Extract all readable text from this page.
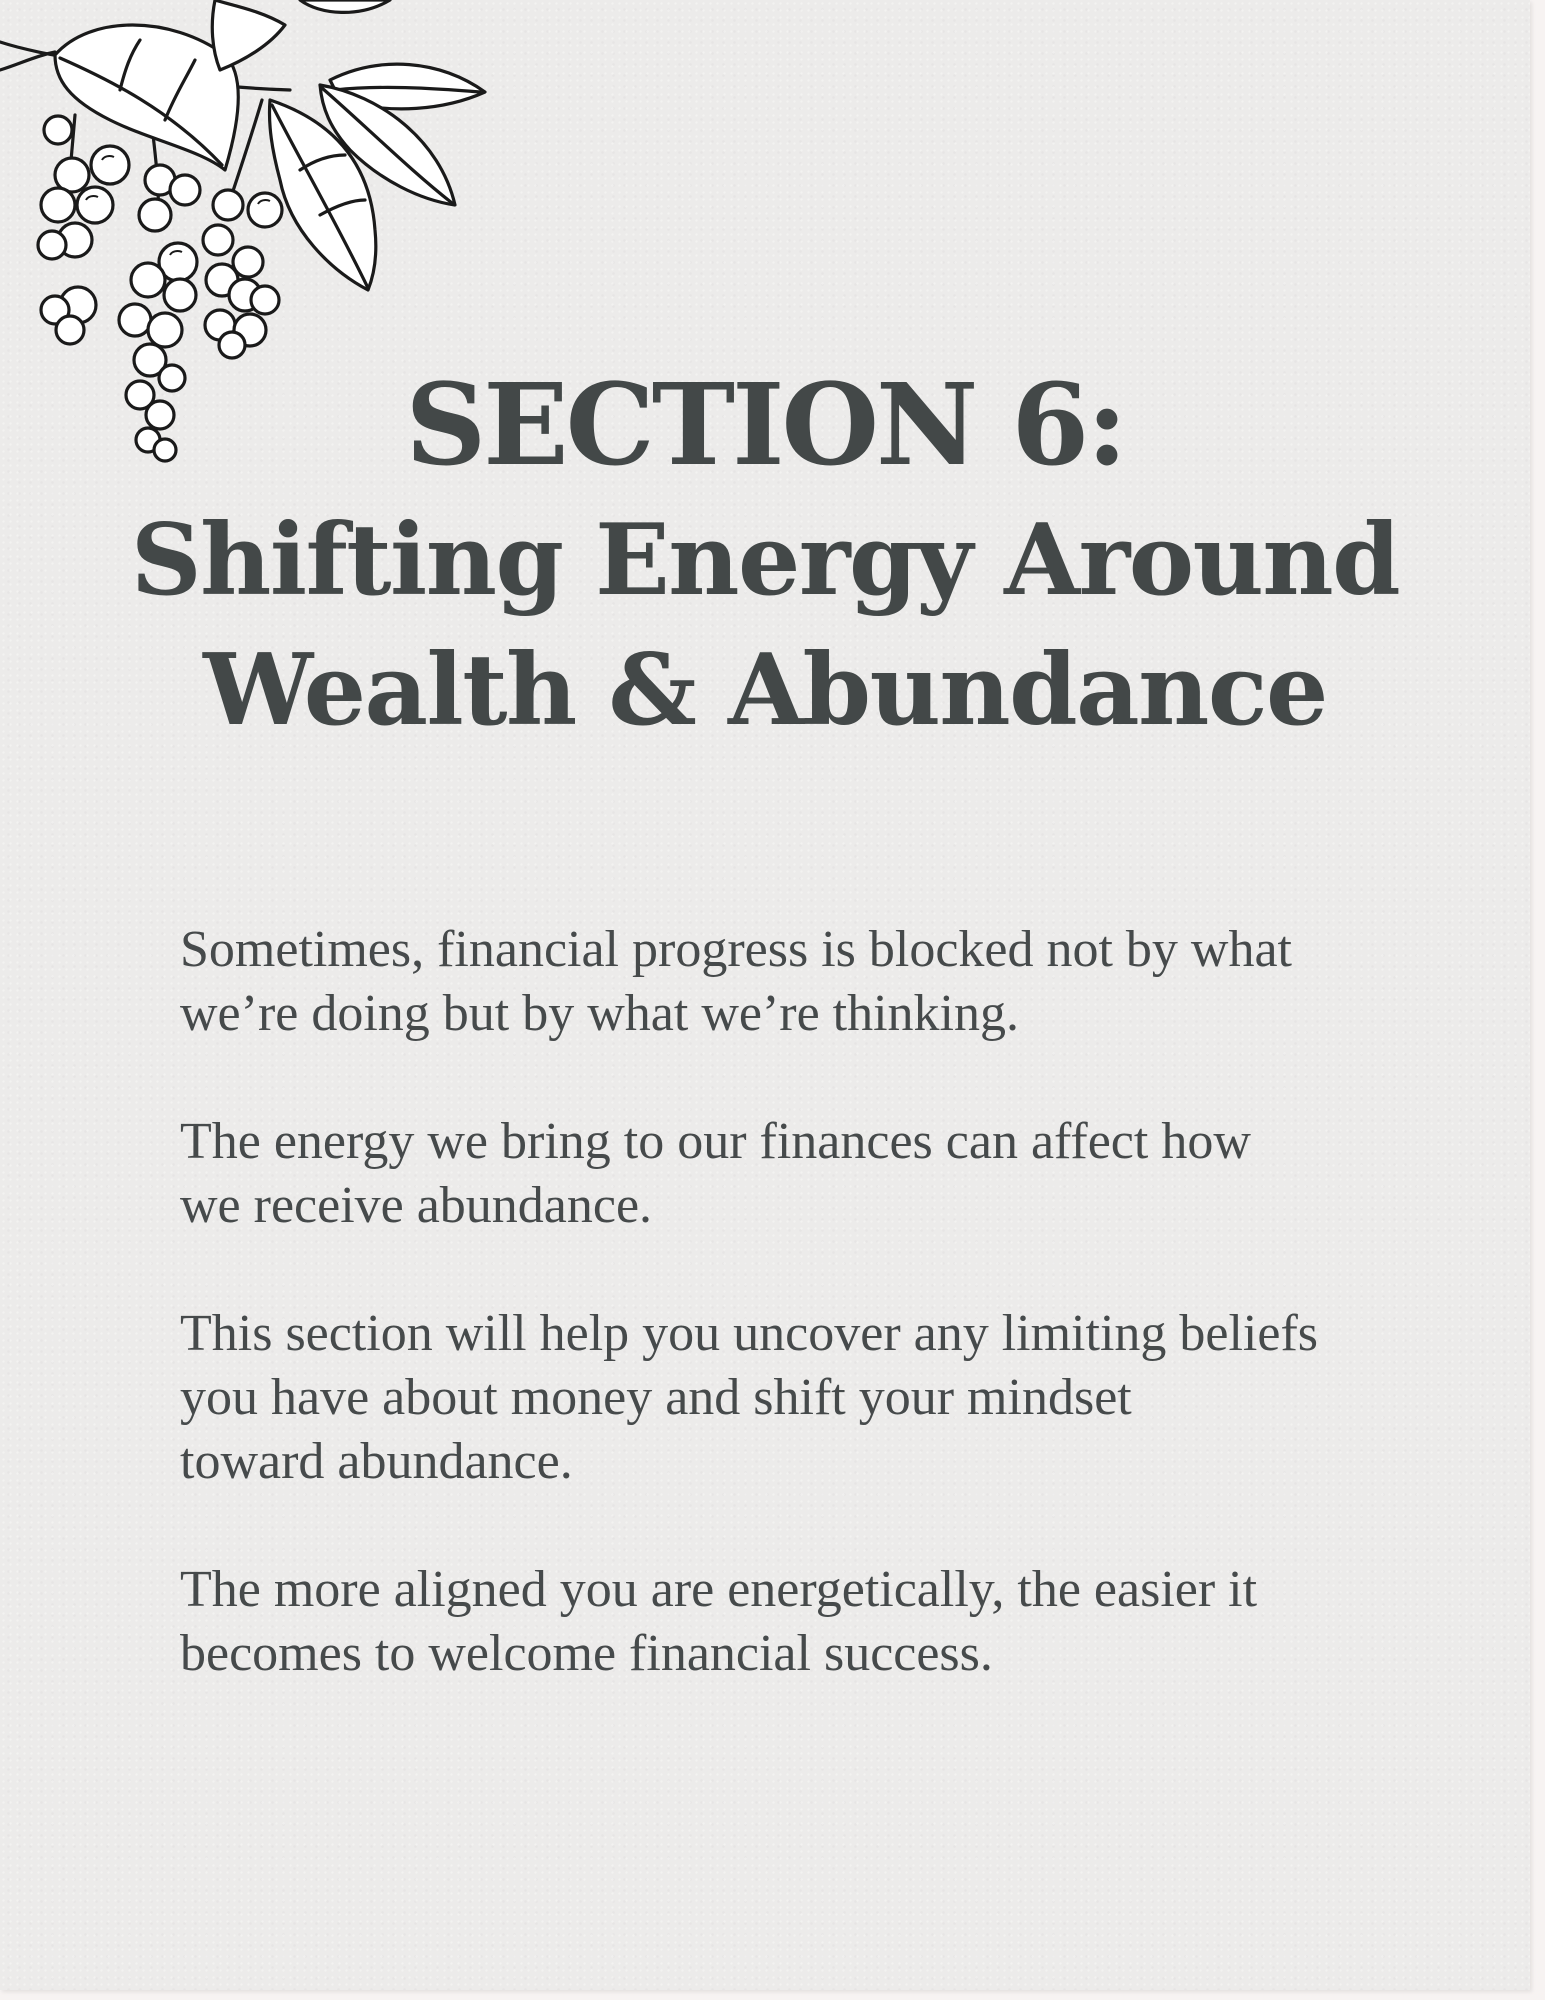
SECTION 6:
Shifting Energy Around
Wealth & Abundance

Sometimes, financial progress is blocked not by what
we’re doing but by what we’re thinking.

The energy we bring to our finances can affect how
we receive abundance.

This section will help you uncover any limiting beliefs
you have about money and shift your mindset
toward abundance.

The more aligned you are energetically, the easier it
becomes to welcome financial success.
